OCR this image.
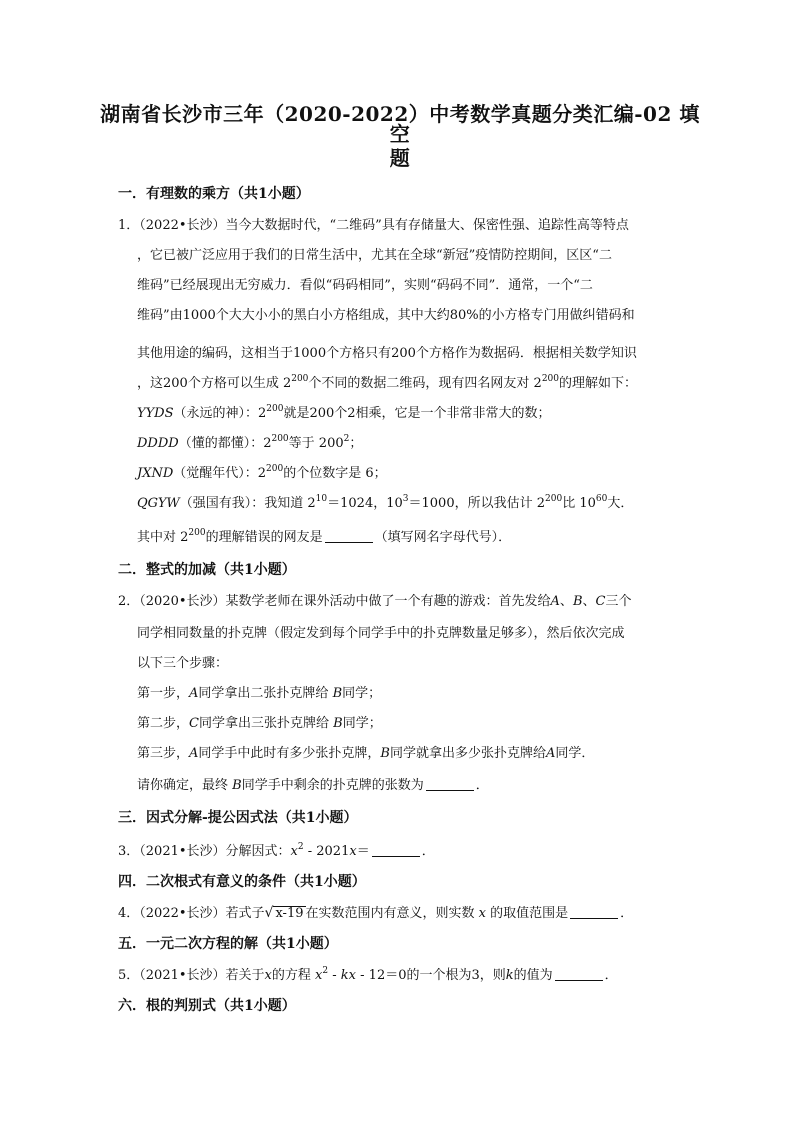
湖南省长沙市三年（2020-2022）中考数学真题分类汇编-02 填空
题
一．有理数的乘方（共1小题）
1．（2022•长沙）当今大数据时代，“二维码”具有存储量大、保密性强、追踪性高等特点
，它已被广泛应用于我们的日常生活中，尤其在全球“新冠”疫情防控期间，区区“二
维码”已经展现出无穷威力．看似“码码相同”，实则“码码不同”．通常，一个“二
维码”由1000个大大小小的黑白小方格组成，其中大约80%的小方格专门用做纠错码和
其他用途的编码，这相当于1000个方格只有200个方格作为数据码．根据相关数学知识
，这200个方格可以生成 $2^{200}$个不同的数据二维码，现有四名网友对 $2^{200}$的理解如下：
YYDS（永远的神）：$2^{200}$就是200个2相乘，它是一个非常非常大的数；
DDDD（懂的都懂）：$2^{200}$等于 $200^2$；
JXND（觉醒年代）：$2^{200}$的个位数字是 6；
QGYW（强国有我）：我知道 $2^{10}=1024$，$10^3=1000$，所以我估计 $2^{200}$比 $10^{60}$大．
其中对 $2^{200}$的理解错误的网友是	（填写网名字母代号）．
二．整式的加减（共1小题）
2．（2020•长沙）某数学老师在课外活动中做了一个有趣的游戏：首先发给A、B、C三个
同学相同数量的扑克牌（假定发到每个同学手中的扑克牌数量足够多），然后依次完成
以下三个步骤：
第一步，A同学拿出二张扑克牌给 B同学；
第二步，C同学拿出三张扑克牌给 B同学；
第三步，A同学手中此时有多少张扑克牌，B同学就拿出多少张扑克牌给A同学．
请你确定，最终 B同学手中剩余的扑克牌的张数为	．
三．因式分解-提公因式法（共1小题）
3．（2021•长沙）分解因式：$x^2 - 2021x=$	．
四．二次根式有意义的条件（共1小题）
4．（2022•长沙）若式子√ x-19 在实数范围内有意义，则实数 x 的取值范围是	．
五．一元二次方程的解（共1小题）
5．（2021•长沙）若关于x的方程 $x^2$ - kx - 12＝0的一个根为3，则k的值为	．
六．根的判别式（共1小题）
